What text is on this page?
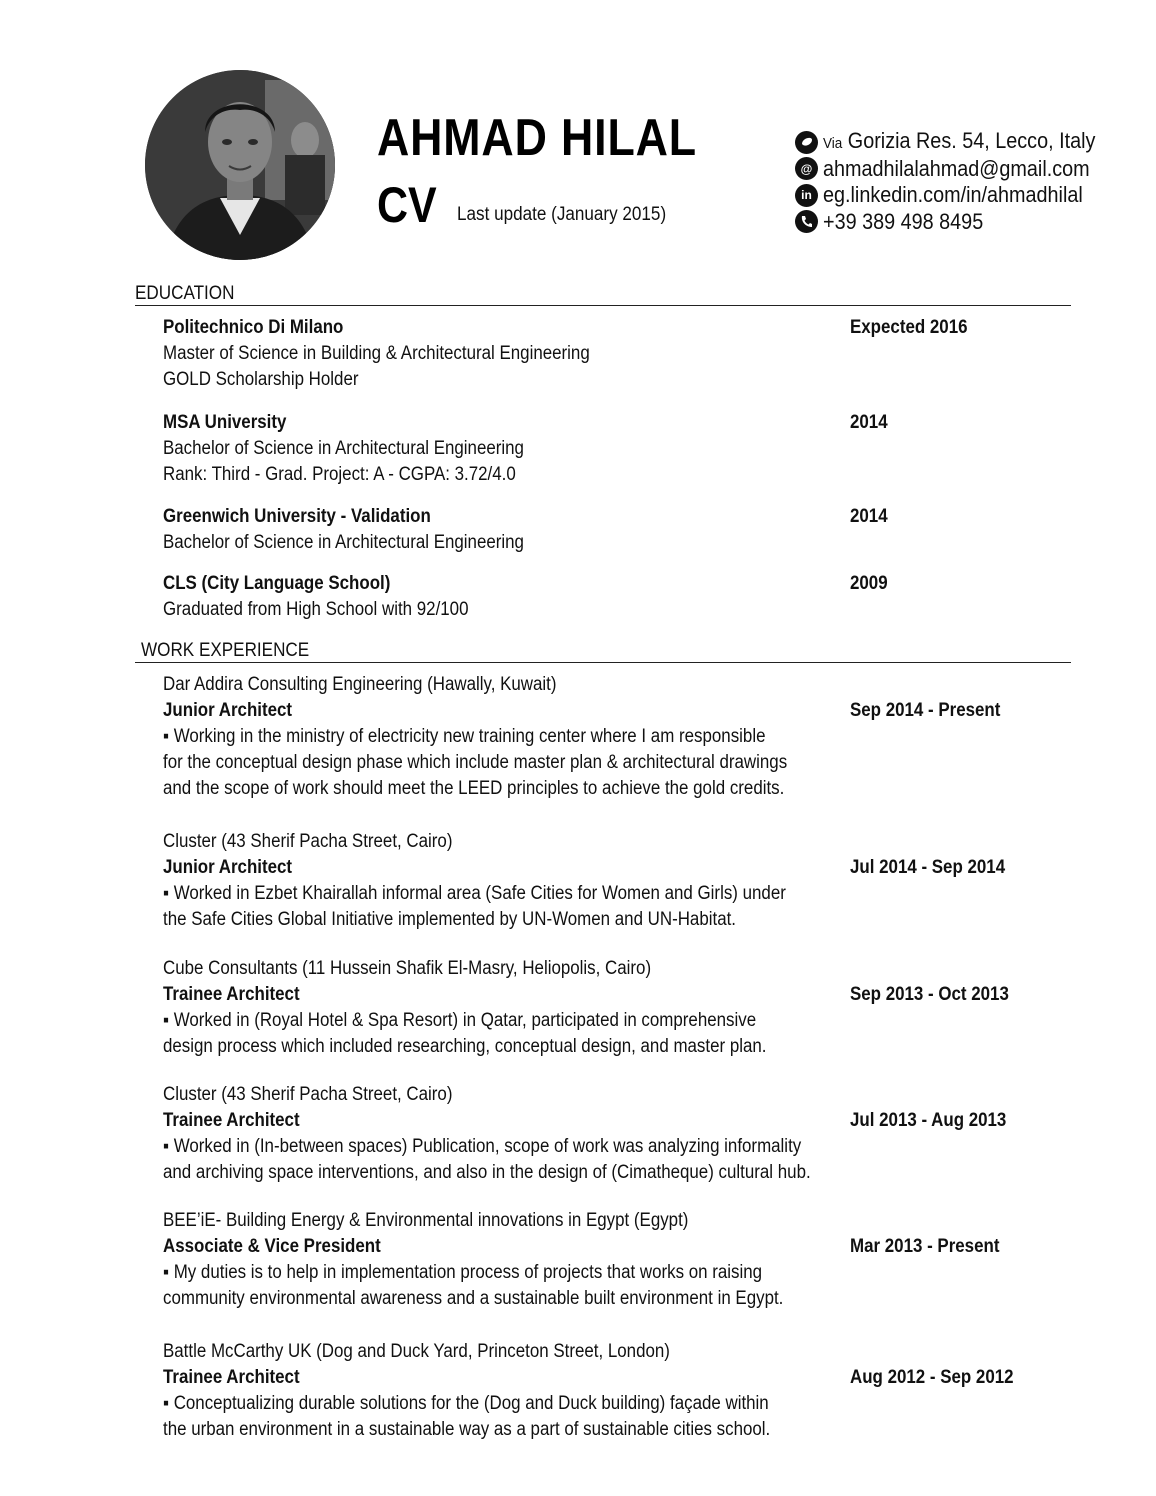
AHMAD HILAL
CV Last update (January 2015)
Via Gorizia Res. 54, Lecco, Italy
@ ahmadhilalahmad@gmail.com
in eg.linkedin.com/in/ahmadhilal
+39 389 498 8495
EDUCATION
Politechnico Di Milano	Expected 2016
Master of Science in Building & Architectural Engineering
GOLD Scholarship Holder
MSA University	2014
Bachelor of Science in Architectural Engineering
Rank: Third - Grad. Project: A - CGPA: 3.72/4.0
Greenwich University - Validation	2014
Bachelor of Science in Architectural Engineering
CLS (City Language School)	2009
Graduated from High School with 92/100
WORK EXPERIENCE
Dar Addira Consulting Engineering (Hawally, Kuwait)
Junior Architect	Sep 2014 - Present
▪ Working in the ministry of electricity new training center where I am responsible
for the conceptual design phase which include master plan & architectural drawings
and the scope of work should meet the LEED principles to achieve the gold credits.
Cluster (43 Sherif Pacha Street, Cairo)
Junior Architect	Jul 2014 - Sep 2014
▪ Worked in Ezbet Khairallah informal area (Safe Cities for Women and Girls) under
the Safe Cities Global Initiative implemented by UN-Women and UN-Habitat.
Cube Consultants (11 Hussein Shafik El-Masry, Heliopolis, Cairo)
Trainee Architect	Sep 2013 - Oct 2013
▪ Worked in (Royal Hotel & Spa Resort) in Qatar, participated in comprehensive
design process which included researching, conceptual design, and master plan.
Cluster (43 Sherif Pacha Street, Cairo)
Trainee Architect	Jul 2013 - Aug 2013
▪ Worked in (In-between spaces) Publication, scope of work was analyzing informality
and archiving space interventions, and also in the design of (Cimatheque) cultural hub.
BEE’iE- Building Energy & Environmental innovations in Egypt (Egypt)
Associate & Vice President	Mar 2013 - Present
▪ My duties is to help in implementation process of projects that works on raising
community environmental awareness and a sustainable built environment in Egypt.
Battle McCarthy UK (Dog and Duck Yard, Princeton Street, London)
Trainee Architect	Aug 2012 - Sep 2012
▪ Conceptualizing durable solutions for the (Dog and Duck building) façade within
the urban environment in a sustainable way as a part of sustainable cities school.
